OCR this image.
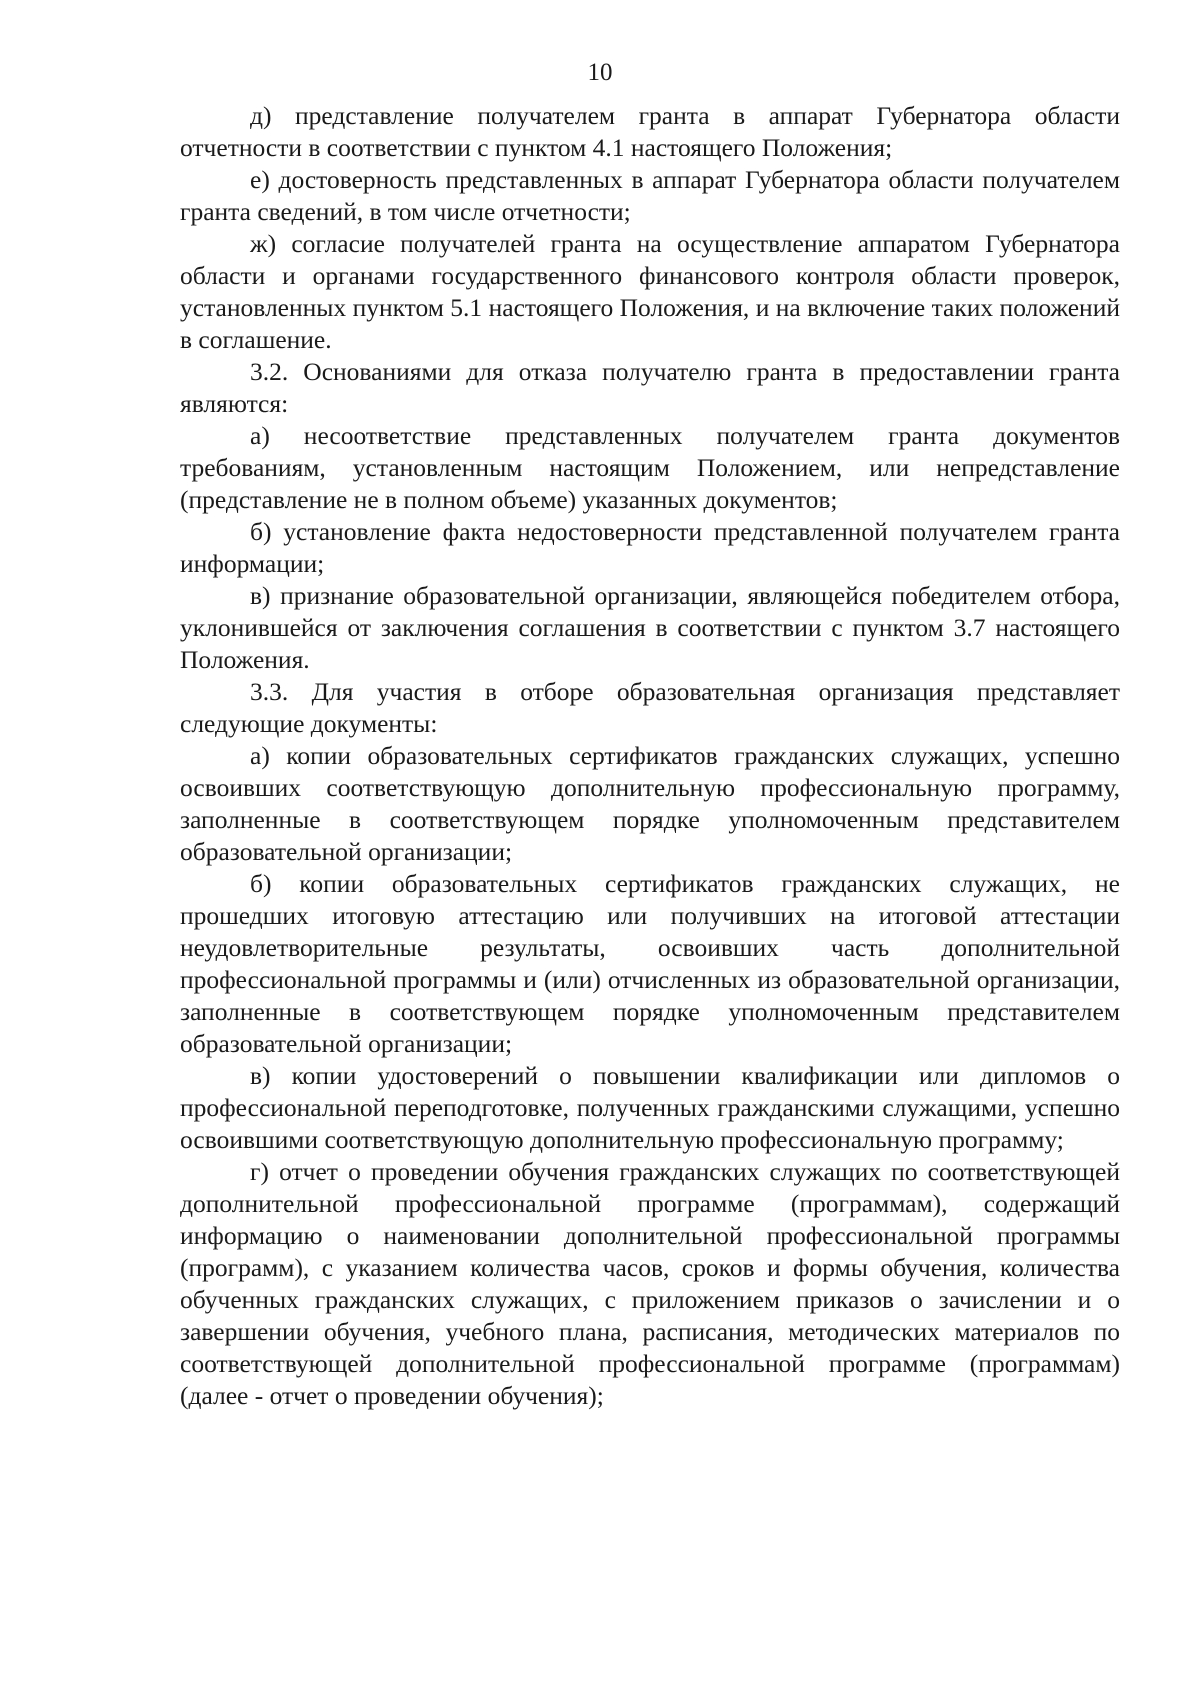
10

д) представление получателем гранта в аппарат Губернатора области отчетности в соответствии с пунктом 4.1 настоящего Положения;

е) достоверность представленных в аппарат Губернатора области получателем гранта сведений, в том числе отчетности;

ж) согласие получателей гранта на осуществление аппаратом Губернатора области и органами государственного финансового контроля области проверок, установленных пунктом 5.1 настоящего Положения, и на включение таких положений в соглашение.

3.2. Основаниями для отказа получателю гранта в предоставлении гранта являются:

а) несоответствие представленных получателем гранта документов требованиям, установленным настоящим Положением, или непредставление (представление не в полном объеме) указанных документов;

б) установление факта недостоверности представленной получателем гранта информации;

в) признание образовательной организации, являющейся победителем отбора, уклонившейся от заключения соглашения в соответствии с пунктом 3.7 настоящего Положения.

3.3. Для участия в отборе образовательная организация представляет следующие документы:

а) копии образовательных сертификатов гражданских служащих, успешно освоивших соответствующую дополнительную профессиональную программу, заполненные в соответствующем порядке уполномоченным представителем образовательной организации;

б) копии образовательных сертификатов гражданских служащих, не прошедших итоговую аттестацию или получивших на итоговой аттестации неудовлетворительные результаты, освоивших часть дополнительной профессиональной программы и (или) отчисленных из образовательной организации, заполненные в соответствующем порядке уполномоченным представителем образовательной организации;

в) копии удостоверений о повышении квалификации или дипломов о профессиональной переподготовке, полученных гражданскими служащими, успешно освоившими соответствующую дополнительную профессиональную программу;

г) отчет о проведении обучения гражданских служащих по соответствующей дополнительной профессиональной программе (программам), содержащий информацию о наименовании дополнительной профессиональной программы (программ), с указанием количества часов, сроков и формы обучения, количества обученных гражданских служащих, с приложением приказов о зачислении и о завершении обучения, учебного плана, расписания, методических материалов по соответствующей дополнительной профессиональной программе (программам) (далее - отчет о проведении обучения);
